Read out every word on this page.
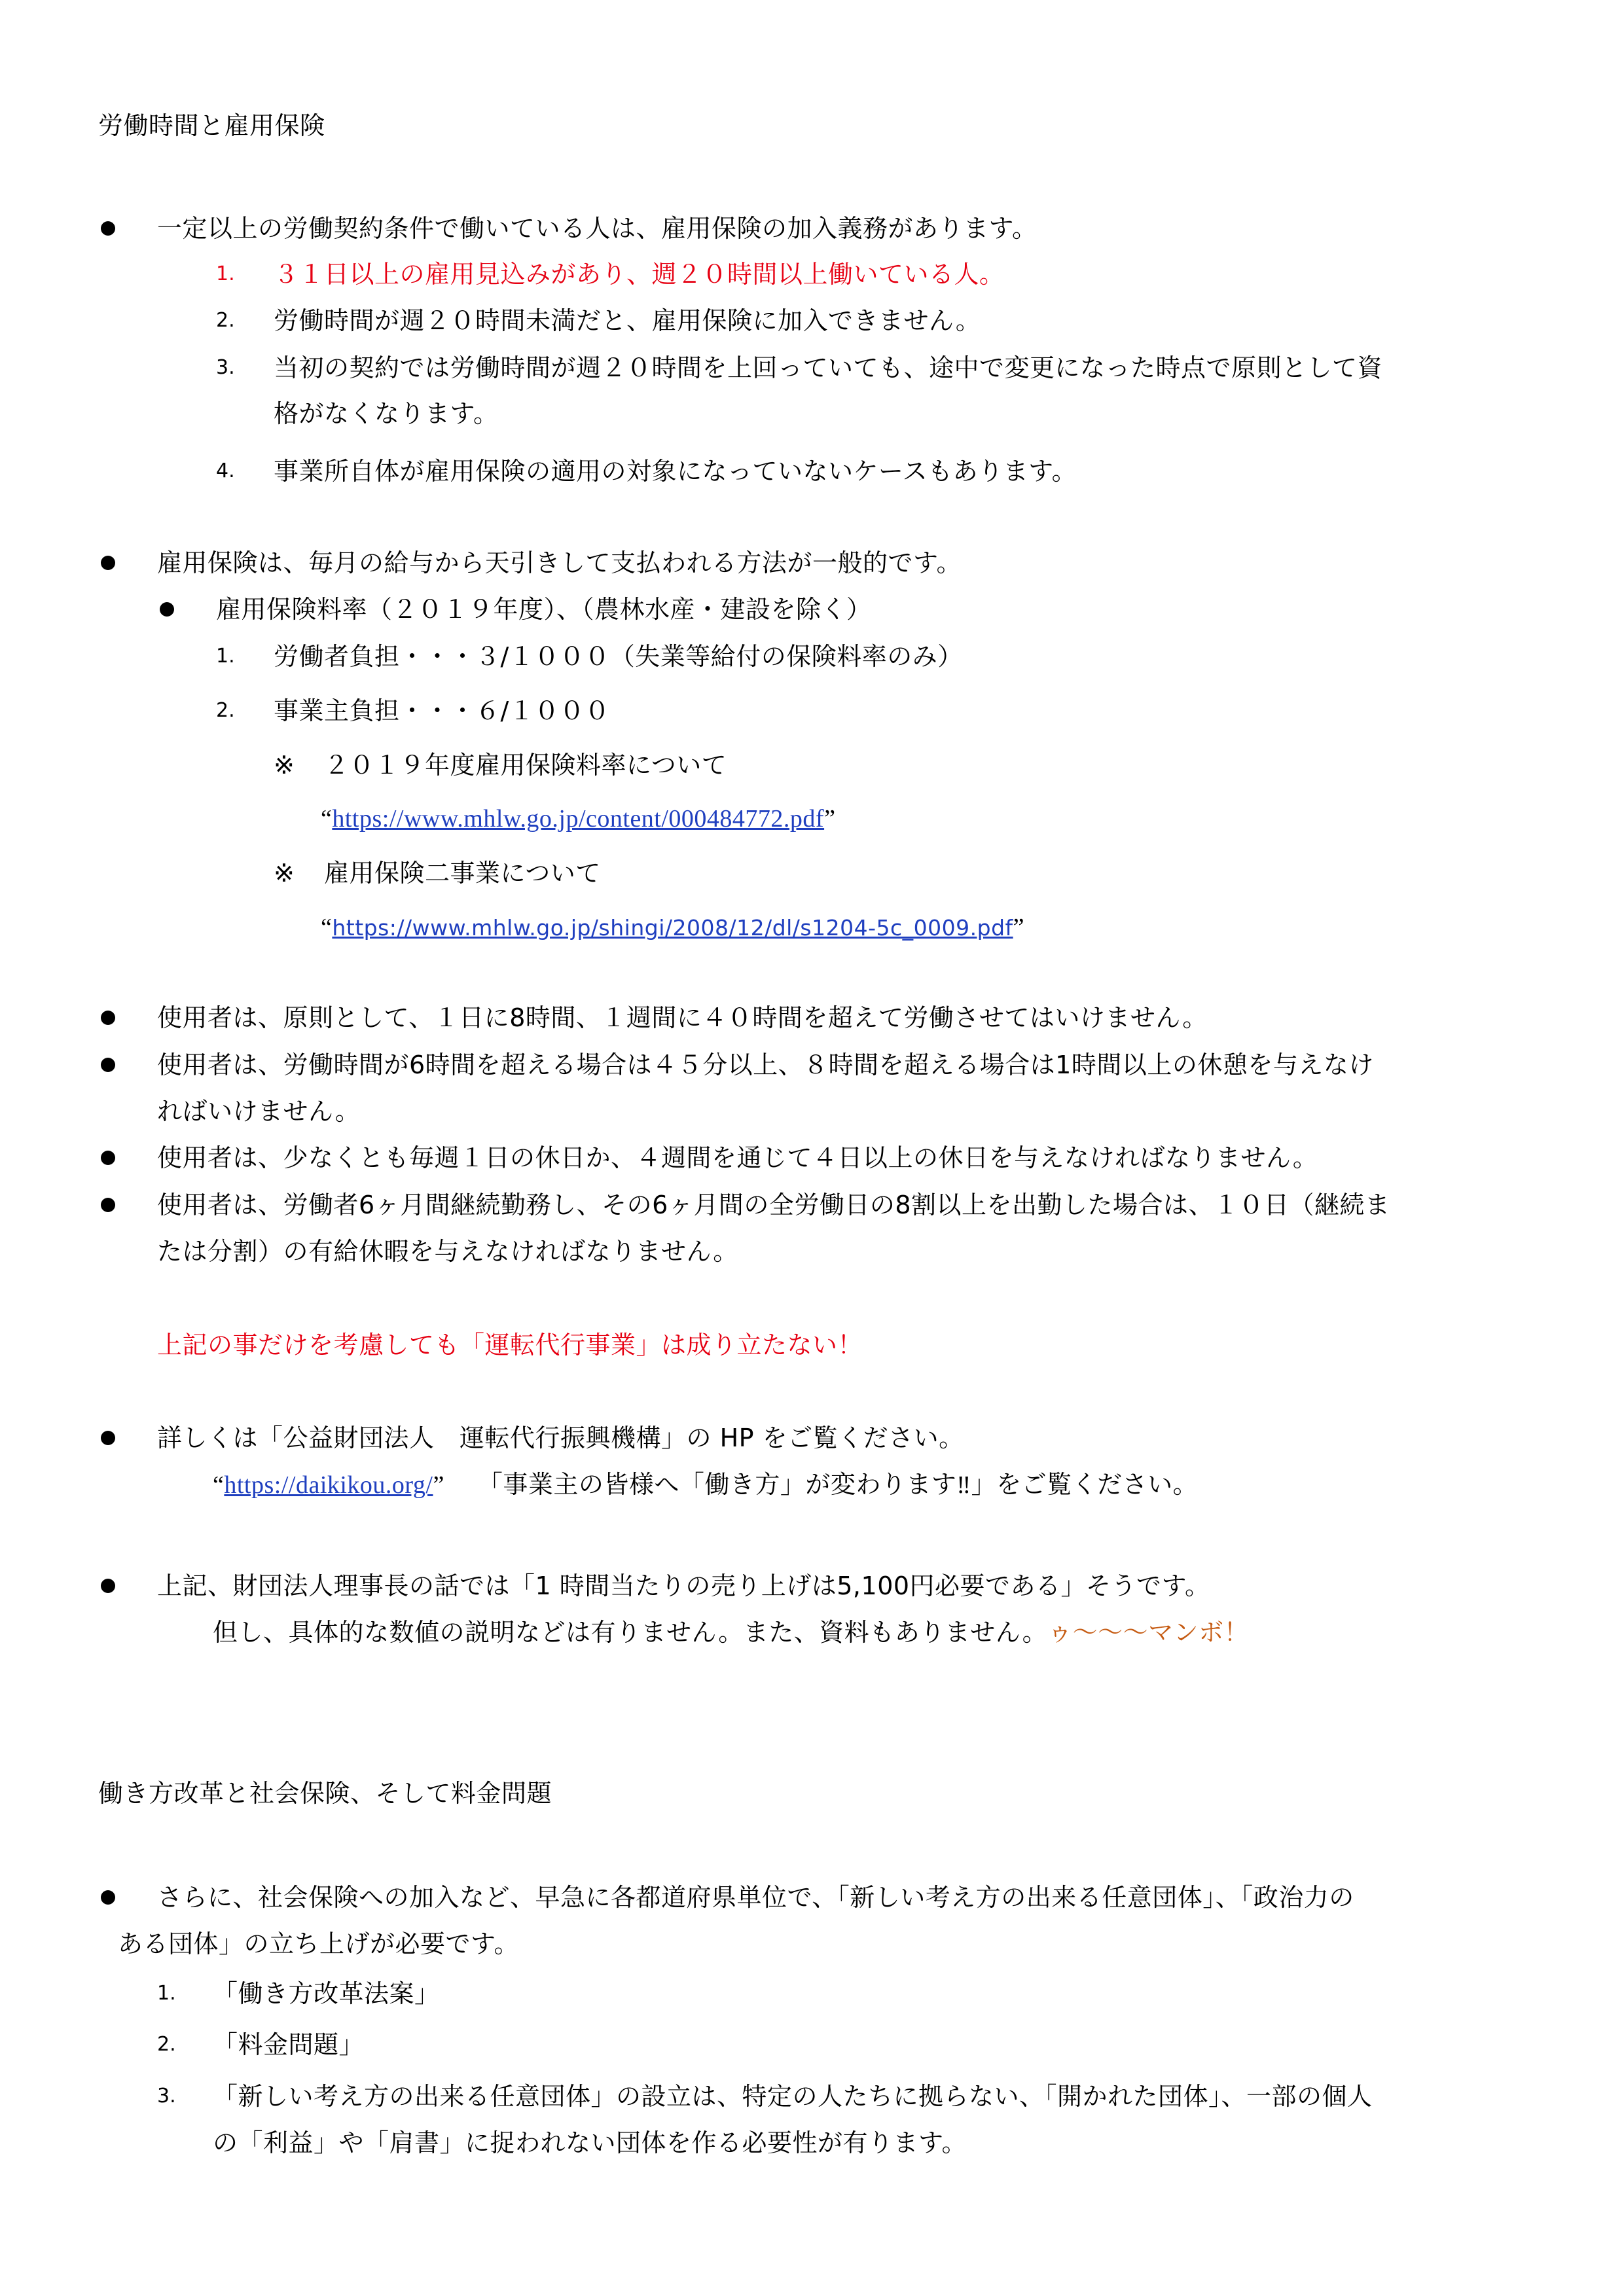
労働時間と雇用保険
一定以上の労働契約条件で働いている人は、雇用保険の加入義務があります。
1. ３１日以上の雇用見込みがあり、週２０時間以上働いている人。
2. 労働時間が週２０時間未満だと、雇用保険に加入できません。
3. 当初の契約では労働時間が週２０時間を上回っていても、途中で変更になった時点で原則として資
格がなくなります。
4. 事業所自体が雇用保険の適用の対象になっていないケースもあります。
雇用保険は、毎月の給与から天引きして支払われる方法が一般的です。
雇用保険料率（２０１９年度）、（農林水産・建設を除く）
1. 労働者負担・・・３/１０００（失業等給付の保険料率のみ）
2. 事業主負担・・・６/１０００
※ ２０１９年度雇用保険料率について
“https://www.mhlw.go.jp/content/000484772.pdf”
※ 雇用保険二事業について
“https://www.mhlw.go.jp/shingi/2008/12/dl/s1204-5c_0009.pdf”
使用者は、原則として、１日に8時間、１週間に４０時間を超えて労働させてはいけません。
使用者は、労働時間が6時間を超える場合は４５分以上、８時間を超える場合は1時間以上の休憩を与えなけ
ればいけません。
使用者は、少なくとも毎週１日の休日か、４週間を通じて４日以上の休日を与えなければなりません。
使用者は、労働者6ヶ月間継続勤務し、その6ヶ月間の全労働日の8割以上を出勤した場合は、１０日（継続ま
たは分割）の有給休暇を与えなければなりません。
上記の事だけを考慮しても「運転代行事業」は成り立たない！
詳しくは「公益財団法人　運転代行振興機構」の HP をご覧ください。
“https://daikikou.org/” 「事業主の皆様へ「働き方」が変わります‼」をご覧ください。
上記、財団法人理事長の話では「1 時間当たりの売り上げは5,100円必要である」そうです。
但し、具体的な数値の説明などは有りません。また、資料もありません。ゥ～～～マンボ！
働き方改革と社会保険、そして料金問題
さらに、社会保険への加入など、早急に各都道府県単位で、「新しい考え方の出来る任意団体」、「政治力の
ある団体」の立ち上げが必要です。
1. 「働き方改革法案」
2. 「料金問題」
3. 「新しい考え方の出来る任意団体」の設立は、特定の人たちに拠らない、「開かれた団体」、一部の個人
の「利益」や「肩書」に捉われない団体を作る必要性が有ります。
